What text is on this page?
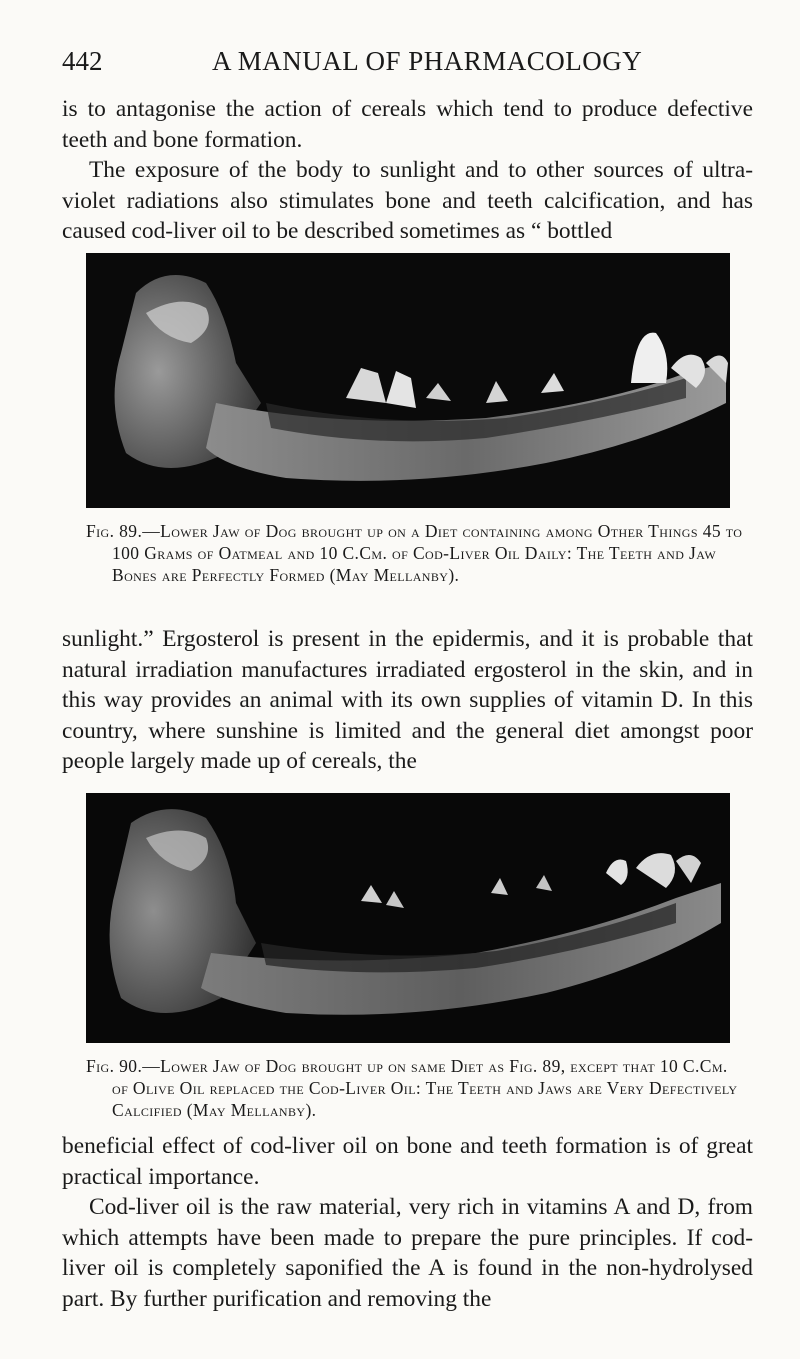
442	A MANUAL OF PHARMACOLOGY

is to antagonise the action of cereals which tend to produce defective teeth and bone formation.

The exposure of the body to sunlight and to other sources of ultra-violet radiations also stimulates bone and teeth calcification, and has caused cod-liver oil to be described sometimes as “ bottled

Fig. 89.—Lower Jaw of Dog brought up on a Diet containing among Other Things 45 to 100 Grams of Oatmeal and 10 C.Cm. of Cod-Liver Oil Daily: The Teeth and Jaw Bones are Perfectly Formed (May Mellanby).

sunlight.” Ergosterol is present in the epidermis, and it is probable that natural irradiation manufactures irradiated ergosterol in the skin, and in this way provides an animal with its own supplies of vitamin D. In this country, where sunshine is limited and the general diet amongst poor people largely made up of cereals, the

Fig. 90.—Lower Jaw of Dog brought up on same Diet as Fig. 89, except that 10 C.Cm. of Olive Oil replaced the Cod-Liver Oil: The Teeth and Jaws are Very Defectively Calcified (May Mellanby).

beneficial effect of cod-liver oil on bone and teeth formation is of great practical importance.

Cod-liver oil is the raw material, very rich in vitamins A and D, from which attempts have been made to prepare the pure principles. If cod-liver oil is completely saponified the A is found in the non-hydrolysed part. By further purification and removing the
